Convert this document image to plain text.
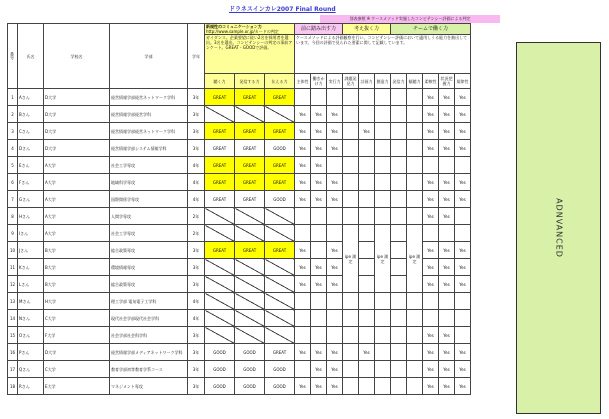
ドラネスインカレ2007 Final Round
別表参照 ※ ケースメソッド実施したコンピテンシー評価による判定
番号	氏名	学校名	学部	学年	新規性のコミュニケーション力
http://www.sample.or.jp/カードの判定			前に踏み出す力			考え抜く力			チームで働く力				
					ガイダンス。企業要望に従い2名を採用者を選出。3名を選出。コンピテンシーの判定の事前アンケート。GREAT・GOODで評価。			ケースメソッドによる評価観察を行い、コンピテンシー評価において適用しうる能力を抽出しています。今回の評価で見られた要素に関して記載しています。										
					聴く力	発信する力	伝える力	主体性	働きかけ力	実行力	課題発見力	計画力	創造力	発信力	傾聴力	柔軟性	状況把握力	規律性
1	Aさん	D大学	経営情報学部経営ネットワーク学科	3年	GREAT	GREAT	GREAT									Yes	Yes	Yes
2	Bさん	D大学	経営情報学部経営学科	3年				Yes	Yes	Yes						Yes	Yes	Yes
3	Cさん	D大学	経営情報学部経営ネットワーク学科	3年	GREAT	GREAT	GREAT	Yes	Yes	Yes		Yes				Yes	Yes	Yes
4	Dさん	D大学	経営情報学部システム情報学科	3年	GREAT	GREAT	GOOD	Yes	Yes	Yes						Yes	Yes	Yes
5	Eさん	A大学	社会工学専攻	4年	GREAT	GREAT	GREAT	Yes	Yes									
6	Fさん	A大学	地域科学専攻	4年	GREAT	GREAT	GREAT	Yes	Yes	Yes						Yes	Yes	Yes
7	Gさん	A大学	国際関係学専攻	4年	GREAT	GREAT	GOOD	Yes	Yes	Yes						Yes	Yes	Yes
8	Hさん	A大学	人間学専攻	2年												Yes	Yes	
9	Iさん	A大学	社会工学専攻	2年							ipe 測定		ipe 測定		ipe 測定			
10	Jさん	B大学	総合政策専攻	3年	GREAT	GREAT	GREAT	Yes		Yes						Yes	Yes	Yes
11	Kさん	B大学	環境情報専攻	3年				Yes	Yes	Yes						Yes	Yes	Yes
12	Lさん	B大学	総合政策専攻	3年				Yes	Yes	Yes						Yes	Yes	Yes
13	Mさん	H大学	理工学部 電気電子工学科	4年														
14	Nさん	C大学	現代社会学部現代社会学科	4年														
15	Oさん	F大学	社会学部社会科学科	3年												Yes	Yes	
16	Pさん	D大学	経営情報学部メディアネットワーク学科	3年	GOOD	GOOD	GREAT	Yes	Yes	Yes		Yes				Yes	Yes	Yes
17	Qさん	C大学	教育学部初等教育学系コース	3年	GOOD	GOOD	GOOD		Yes	Yes						Yes	Yes	Yes
18	Rさん	E大学	マネジメント専攻	3年	GOOD	GOOD	GOOD	Yes	Yes	Yes						Yes	Yes	Yes
ADNVANCED
